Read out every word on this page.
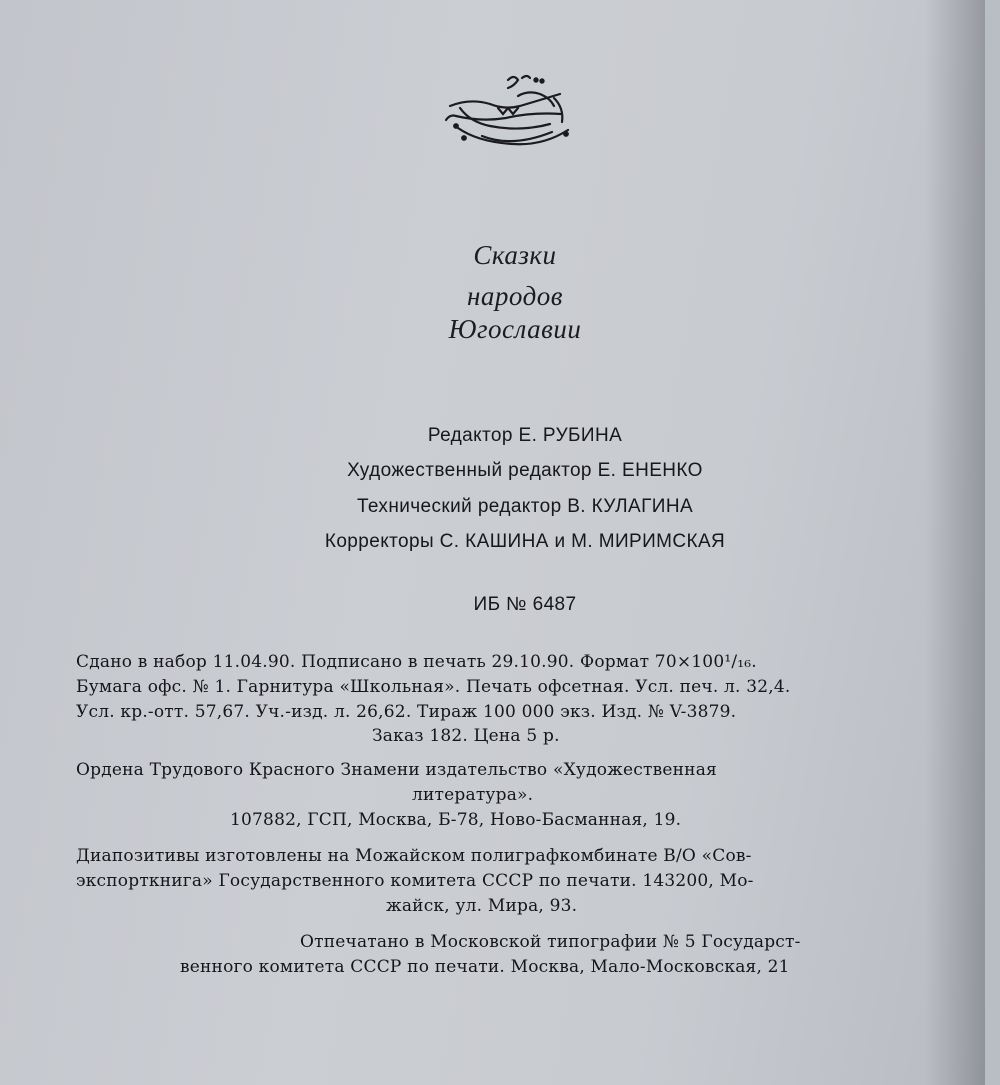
Сказки
народов
Югославии
Редактор Е. РУБИНА
Художественный редактор Е. ЕНЕНКО
Технический редактор В. КУЛАГИНА
Корректоры С. КАШИНА и М. МИРИМСКАЯ
ИБ № 6487
Сдано в набор 11.04.90. Подписано в печать 29.10.90. Формат 70×100¹/₁₆.
Бумага офс. № 1. Гарнитура «Школьная». Печать офсетная. Усл. печ. л. 32,4.
Усл. кр.-отт. 57,67. Уч.-изд. л. 26,62. Тираж 100 000 экз. Изд. № V-3879.
Заказ 182. Цена 5 р.
Ордена Трудового Красного Знамени издательство «Художественная
литература».
107882, ГСП, Москва, Б-78, Ново-Басманная, 19.
Диапозитивы изготовлены на Можайском полиграфкомбинате В/О «Сов-
экспорткнига» Государственного комитета СССР по печати. 143200, Мо-
жайск, ул. Мира, 93.
Отпечатано в Московской типографии № 5 Государст-
венного комитета СССР по печати. Москва, Мало-Московская, 21
